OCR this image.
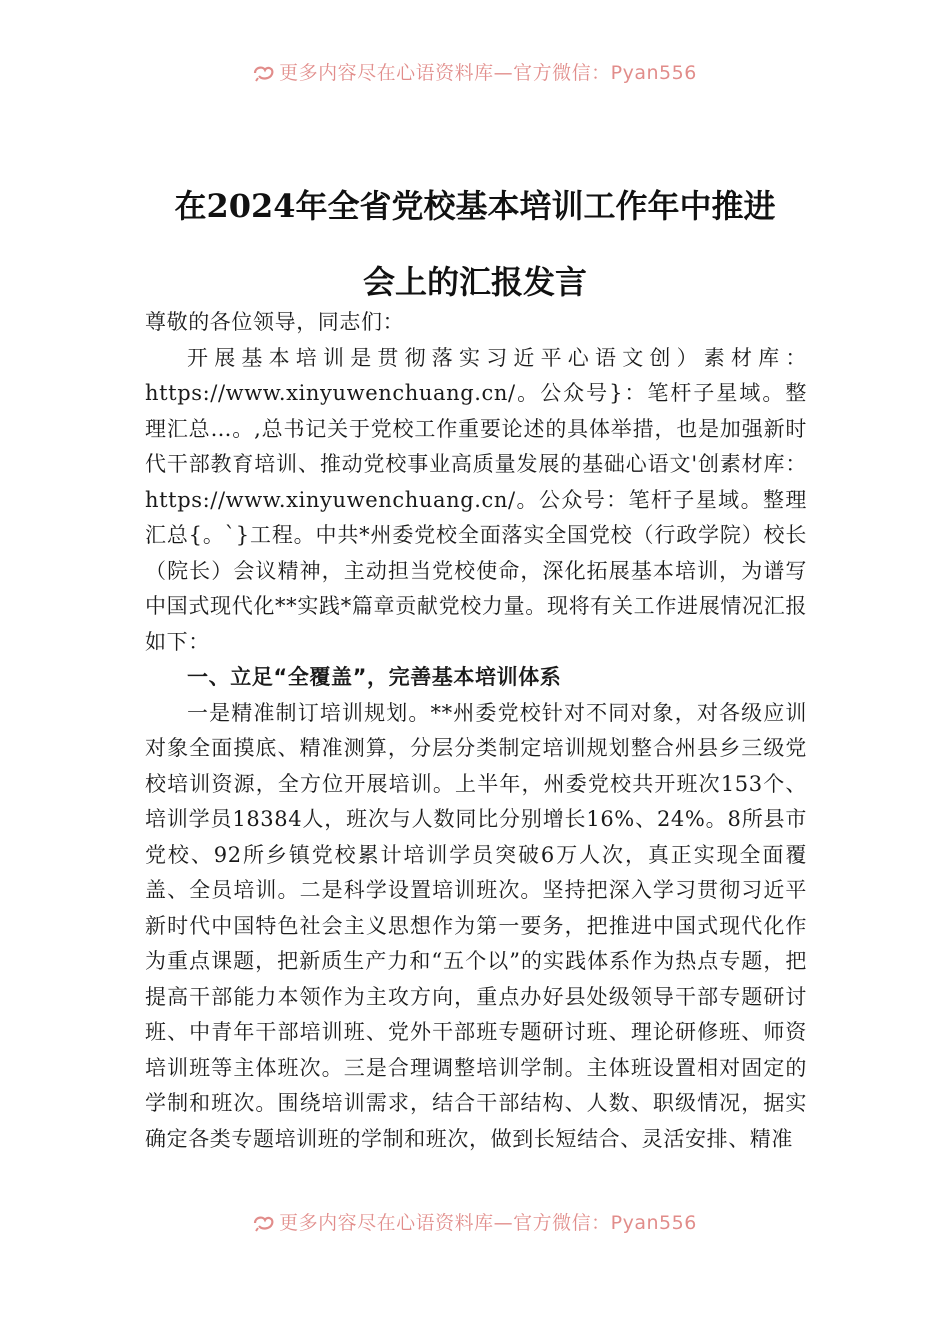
更多内容尽在心语资料库—官方微信：Pyan556
在2024年全省党校基本培训工作年中推进
会上的汇报发言

尊敬的各位领导，同志们：

开展基本培训是贯彻落实习近平心语文创）素材库：https://www.xinyuwenchuang.cn/。公众号}：笔杆子星域。整理汇总…。,总书记关于党校工作重要论述的具体举措，也是加强新时代干部教育培训、推动党校事业高质量发展的基础心语文'创素材库：https://www.xinyuwenchuang.cn/。公众号：笔杆子星域。整理汇总{。`}工程。中共*州委党校全面落实全国党校（行政学院）校长（院长）会议精神，主动担当党校使命，深化拓展基本培训，为谱写中国式现代化**实践*篇章贡献党校力量。现将有关工作进展情况汇报如下：

一、立足“全覆盖”，完善基本培训体系

一是精准制订培训规划。**州委党校针对不同对象，对各级应训对象全面摸底、精准测算，分层分类制定培训规划整合州县乡三级党校培训资源，全方位开展培训。上半年，州委党校共开班次153个、培训学员18384人，班次与人数同比分别增长16%、24%。8所县市党校、92所乡镇党校累计培训学员突破6万人次，真正实现全面覆盖、全员培训。二是科学设置培训班次。坚持把深入学习贯彻习近平新时代中国特色社会主义思想作为第一要务，把推进中国式现代化作为重点课题，把新质生产力和“五个以”的实践体系作为热点专题，把提高干部能力本领作为主攻方向，重点办好县处级领导干部专题研讨班、中青年干部培训班、党外干部班专题研讨班、理论研修班、师资培训班等主体班次。三是合理调整培训学制。主体班设置相对固定的学制和班次。围绕培训需求，结合干部结构、人数、职级情况，据实确定各类专题培训班的学制和班次，做到长短结合、灵活安排、精准

更多内容尽在心语资料库—官方微信：Pyan556
